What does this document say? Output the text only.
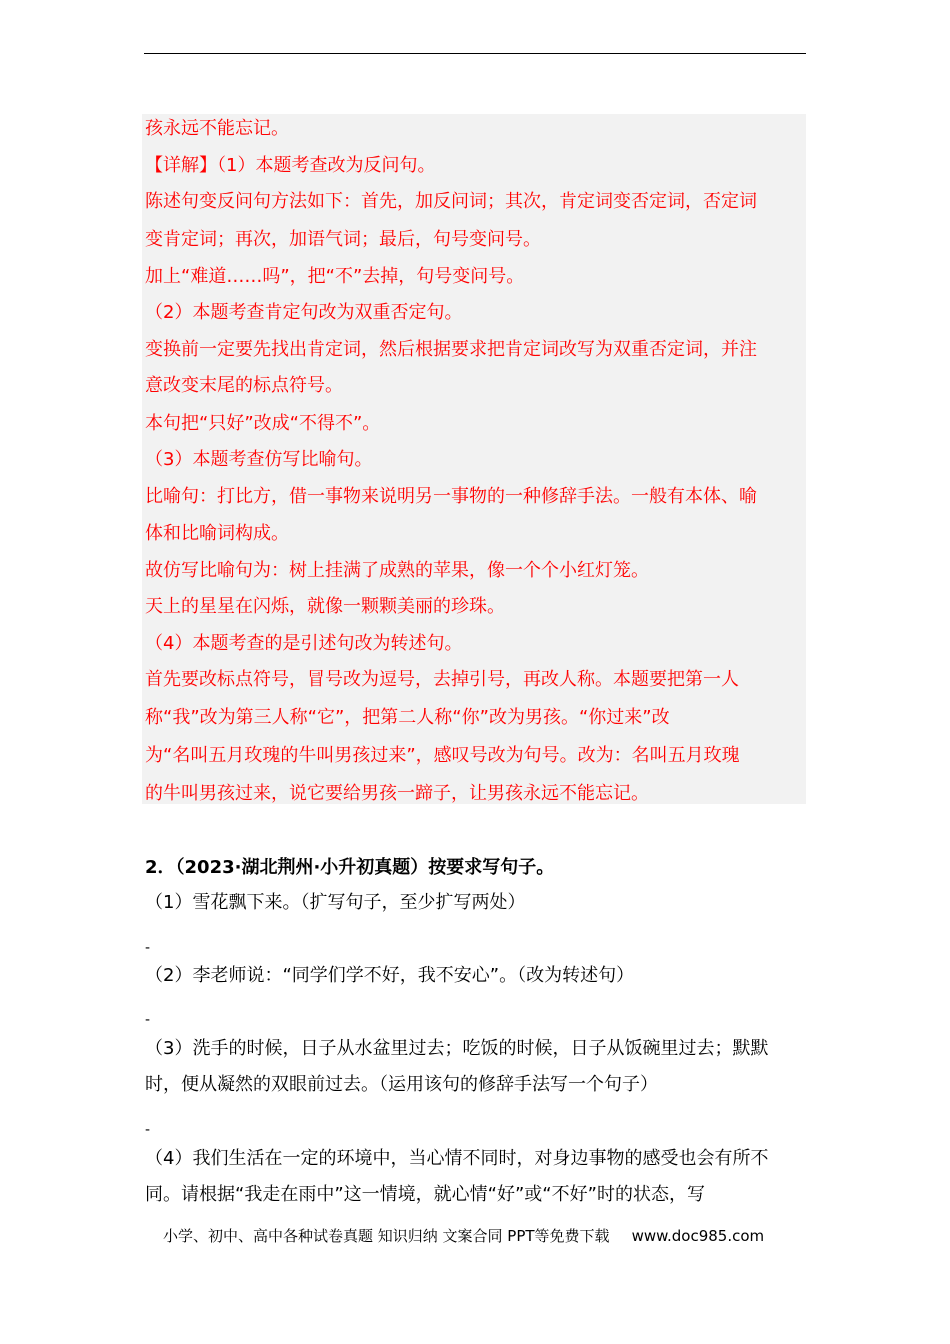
孩永远不能忘记。
【详解】（1）本题考查改为反问句。
陈述句变反问句方法如下：首先，加反问词；其次，肯定词变否定词，否定词
变肯定词；再次，加语气词；最后，句号变问号。
加上“难道……吗”，把“不”去掉，句号变问号。
（2）本题考查肯定句改为双重否定句。
变换前一定要先找出肯定词，然后根据要求把肯定词改写为双重否定词，并注
意改变末尾的标点符号。
本句把“只好”改成“不得不”。
（3）本题考查仿写比喻句。
比喻句：打比方，借一事物来说明另一事物的一种修辞手法。一般有本体、喻
体和比喻词构成。
故仿写比喻句为：树上挂满了成熟的苹果，像一个个小红灯笼。
天上的星星在闪烁，就像一颗颗美丽的珍珠。
（4）本题考查的是引述句改为转述句。
首先要改标点符号，冒号改为逗号，去掉引号，再改人称。本题要把第一人
称“我”改为第三人称“它”，把第二人称“你”改为男孩。“你过来”改
为“名叫五月玫瑰的牛叫男孩过来”，感叹号改为句号。改为：名叫五月玫瑰
的牛叫男孩过来，说它要给男孩一蹄子，让男孩永远不能忘记。
2．（2023·湖北荆州·小升初真题）按要求写句子。
（1）雪花飘下来。（扩写句子，至少扩写两处）
-
（2）李老师说：“同学们学不好，我不安心”。（改为转述句）
-
（3）洗手的时候，日子从水盆里过去；吃饭的时候，日子从饭碗里过去；默默
时，便从凝然的双眼前过去。（运用该句的修辞手法写一个句子）
-
（4）我们生活在一定的环境中，当心情不同时，对身边事物的感受也会有所不
同。请根据“我走在雨中”这一情境，就心情“好”或“不好”时的状态，写
小学、初中、高中各种试卷真题 知识归纳 文案合同 PPT等免费下载 www.doc985.com
